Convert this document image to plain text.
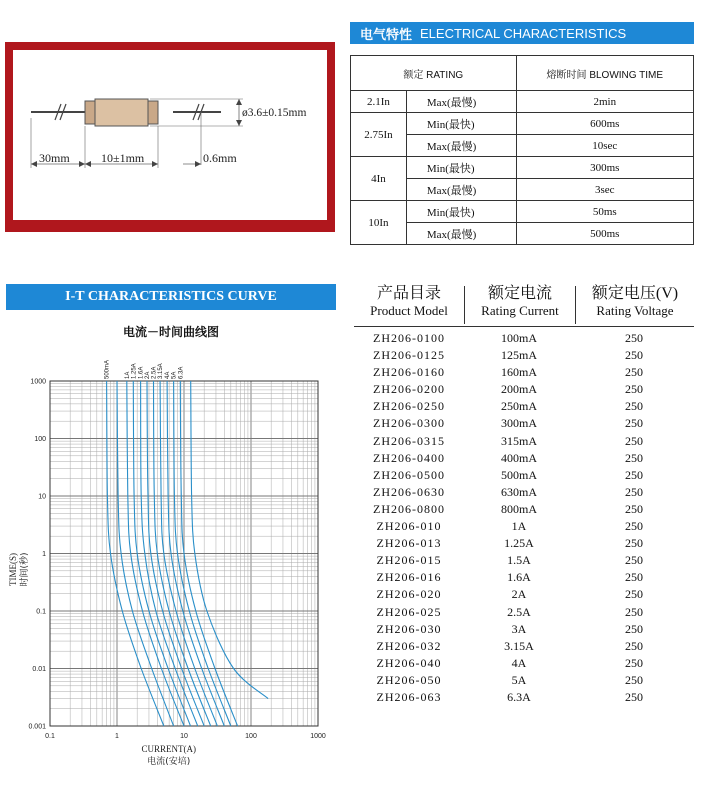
30mm	10±1mm	0.6mm
ø3.6±0.15mm
电气特性 ELECTRICAL CHARACTERISTICS
额定 RATING		熔断时间 BLOWING TIME
2.1In	Max(最慢)	2min
2.75In	Min(最快)	600ms
	Max(最慢)	10sec
4In	Min(最快)	300ms
	Max(最慢)	3sec
10In	Min(最快)	50ms
	Max(最慢)	500ms
I-T CHARACTERISTICS CURVE
电流－时间曲线图
0.1	1	10	100	1000
1000
100
10
1
0.1
0.01
0.001
CURRENT(A)
电流(安培)
TIME(S) 时间(秒)
500mA 1A 1.25A 1.6A 2A 2.5A 3.15A 4A 5A 6.3A
产品目录
Product Model
额定电流
Rating Current
额定电压(V)
Rating Voltage
ZH206-0100	100mA	250
ZH206-0125	125mA	250
ZH206-0160	160mA	250
ZH206-0200	200mA	250
ZH206-0250	250mA	250
ZH206-0300	300mA	250
ZH206-0315	315mA	250
ZH206-0400	400mA	250
ZH206-0500	500mA	250
ZH206-0630	630mA	250
ZH206-0800	800mA	250
ZH206-010	1A	250
ZH206-013	1.25A	250
ZH206-015	1.5A	250
ZH206-016	1.6A	250
ZH206-020	2A	250
ZH206-025	2.5A	250
ZH206-030	3A	250
ZH206-032	3.15A	250
ZH206-040	4A	250
ZH206-050	5A	250
ZH206-063	6.3A	250
